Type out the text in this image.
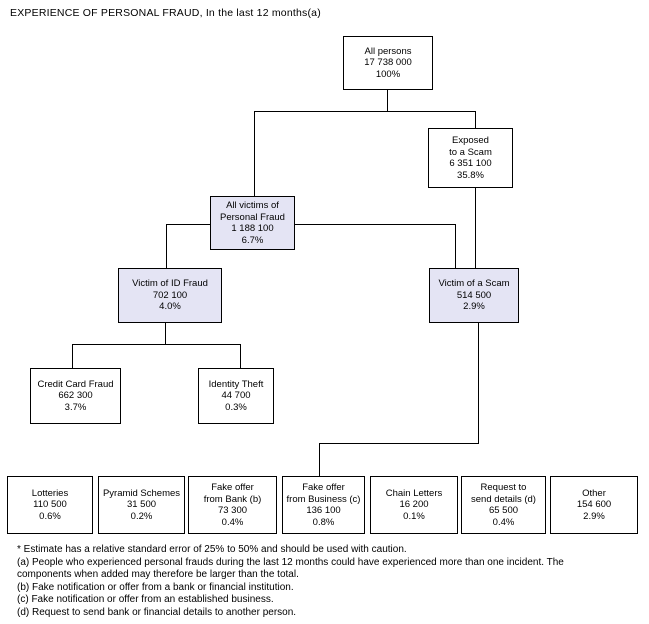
EXPERIENCE OF PERSONAL FRAUD, In the last 12 months(a)
All persons
17 738 000
100%
Exposed
to a Scam
6 351 100
35.8%
All victims of
Personal Fraud
1 188 100
6.7%
Victim of ID Fraud
702 100
4.0%
Victim of a Scam
514 500
2.9%
Credit Card Fraud
662 300
3.7%
Identity Theft
44 700
0.3%
Lotteries
110 500
0.6%
Pyramid Schemes
31 500
0.2%
Fake offer
from Bank (b)
73 300
0.4%
Fake offer
from Business (c)
136 100
0.8%
Chain Letters
16 200
0.1%
Request to
send details (d)
65 500
0.4%
Other
154 600
2.9%
* Estimate has a relative standard error of 25% to 50% and should be used with caution.
(a) People who experienced personal frauds during the last 12 months could have experienced more than one incident. The
components when added may therefore be larger than the total.
(b) Fake notification or offer from a bank or financial institution.
(c) Fake notification or offer from an established business.
(d) Request to send bank or financial details to another person.
